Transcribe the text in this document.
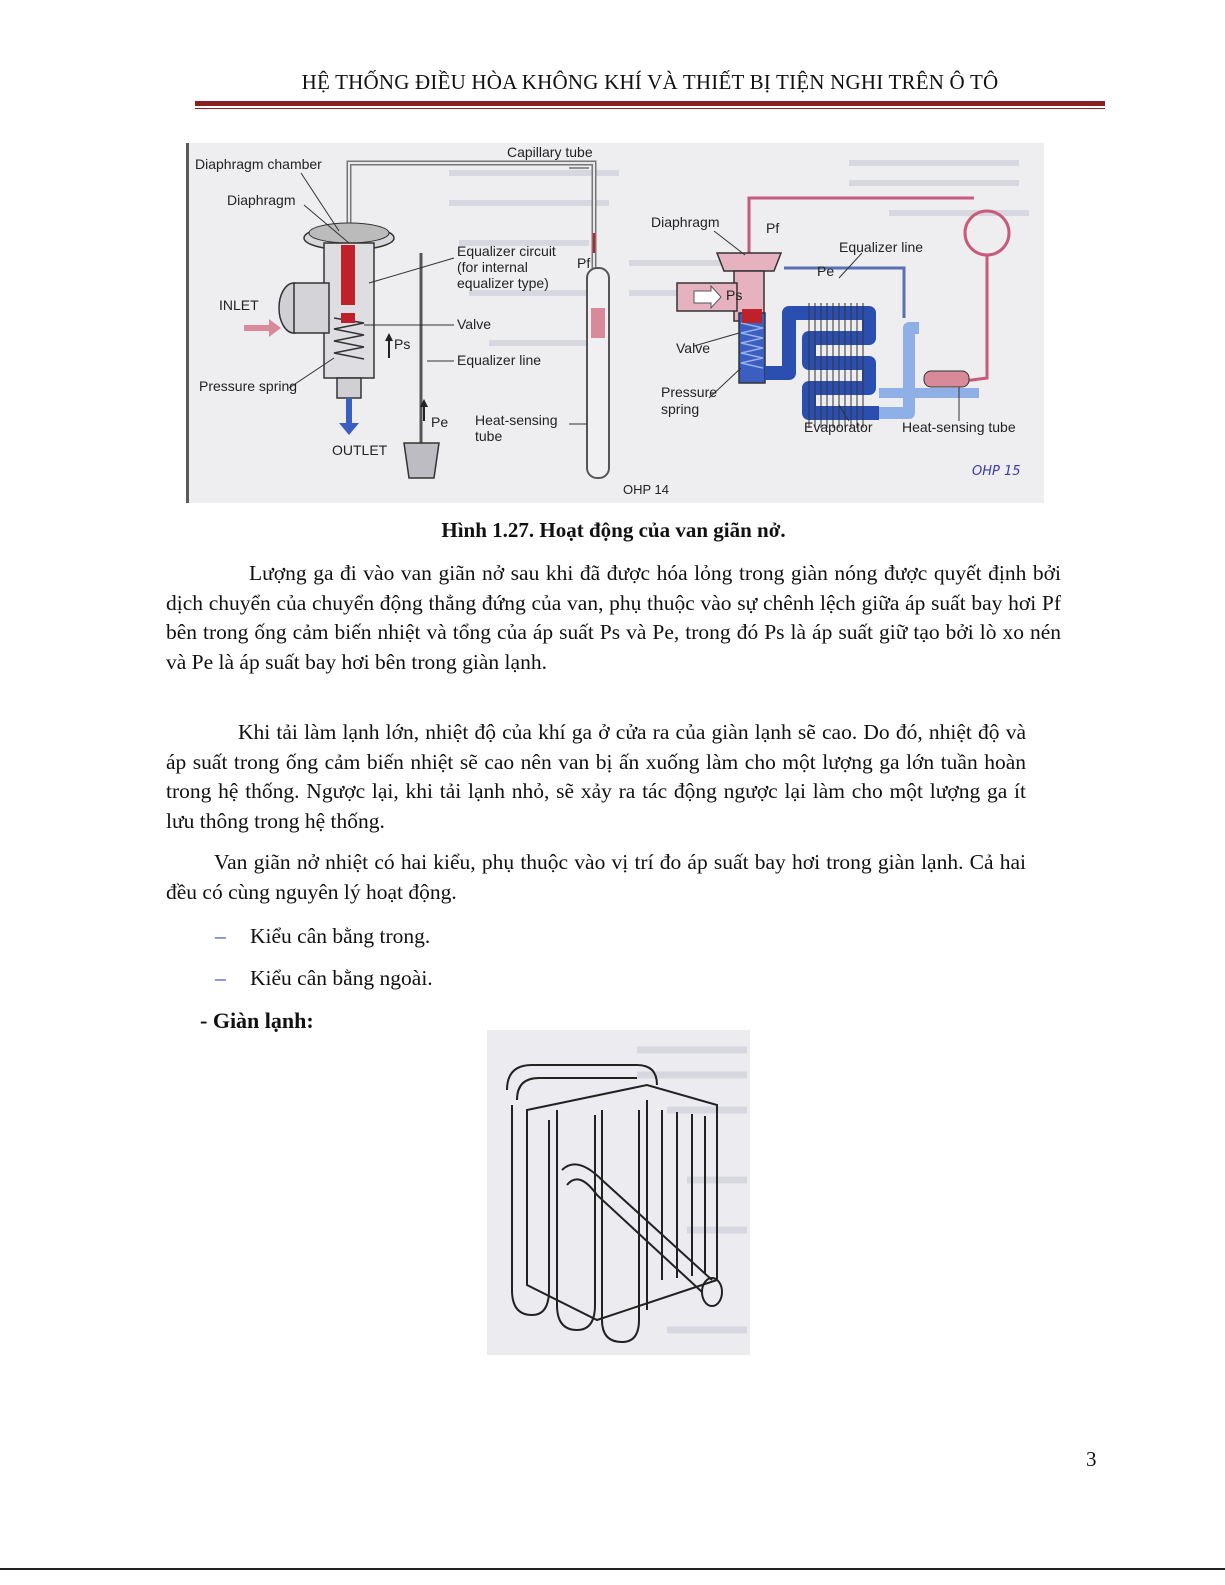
HỆ THỐNG ĐIỀU HÒA KHÔNG KHÍ VÀ THIẾT BỊ TIỆN NGHI TRÊN Ô TÔ
Diaphragm chamber
Diaphragm
Capillary tube
Equalizer circuit
(for internal
equalizer type)
Pf
INLET
Valve
Ps
Equalizer line
Pressure spring
Pe Heat-sensing
tube
OUTLET
OHP 14
Diaphragm	Pf
Equalizer line
Pe
Ps
Valve
Pressure
spring
Evaporator Heat-sensing tube
OHP 15
Hình 1.27. Hoạt động của van giãn nở.
Lượng ga đi vào van giãn nở sau khi đã được hóa lỏng trong giàn nóng được quyết định bởi dịch chuyển của chuyển động thẳng đứng của van, phụ thuộc vào sự chênh lệch giữa áp suất bay hơi Pf bên trong ống cảm biến nhiệt và tổng của áp suất Ps và Pe, trong đó Ps là áp suất giữ tạo bởi lò xo nén và Pe là áp suất bay hơi bên trong giàn lạnh.
Khi tải làm lạnh lớn, nhiệt độ của khí ga ở cửa ra của giàn lạnh sẽ cao. Do đó, nhiệt độ và áp suất trong ống cảm biến nhiệt sẽ cao nên van bị ấn xuống làm cho một lượng ga lớn tuần hoàn trong hệ thống. Ngược lại, khi tải lạnh nhỏ, sẽ xảy ra tác động ngược lại làm cho một lượng ga ít lưu thông trong hệ thống.
Van giãn nở nhiệt có hai kiểu, phụ thuộc vào vị trí đo áp suất bay hơi trong giàn lạnh. Cả hai đều có cùng nguyên lý hoạt động.
– Kiểu cân bằng trong.
– Kiểu cân bằng ngoài.
- Giàn lạnh:
3
